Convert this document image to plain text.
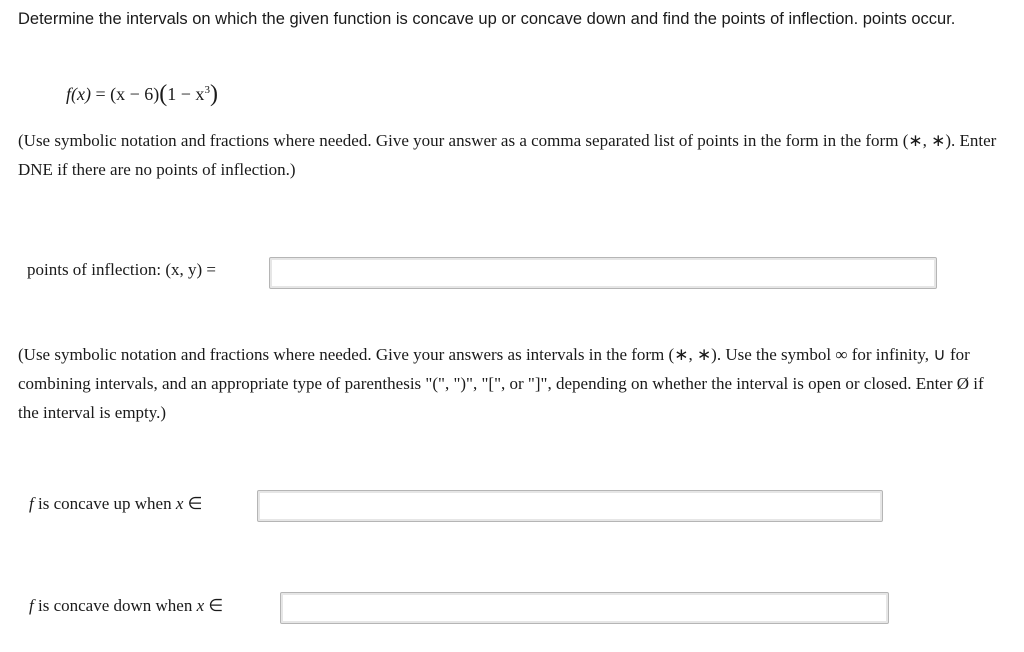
Determine the intervals on which the given function is concave up or concave down and find the points of inflection. points occur.
$f(x) = (x - 6)(1 - x^3)$
(Use symbolic notation and fractions where needed. Give your answer as a comma separated list of points in the form in the form (∗, ∗). Enter DNE if there are no points of inflection.)
points of inflection: (x, y) =
(Use symbolic notation and fractions where needed. Give your answers as intervals in the form (∗, ∗). Use the symbol ∞ for infinity, ∪ for combining intervals, and an appropriate type of parenthesis "(", ")", "[", or "]", depending on whether the interval is open or closed. Enter Ø if the interval is empty.)
f is concave up when x ∈
f is concave down when x ∈
